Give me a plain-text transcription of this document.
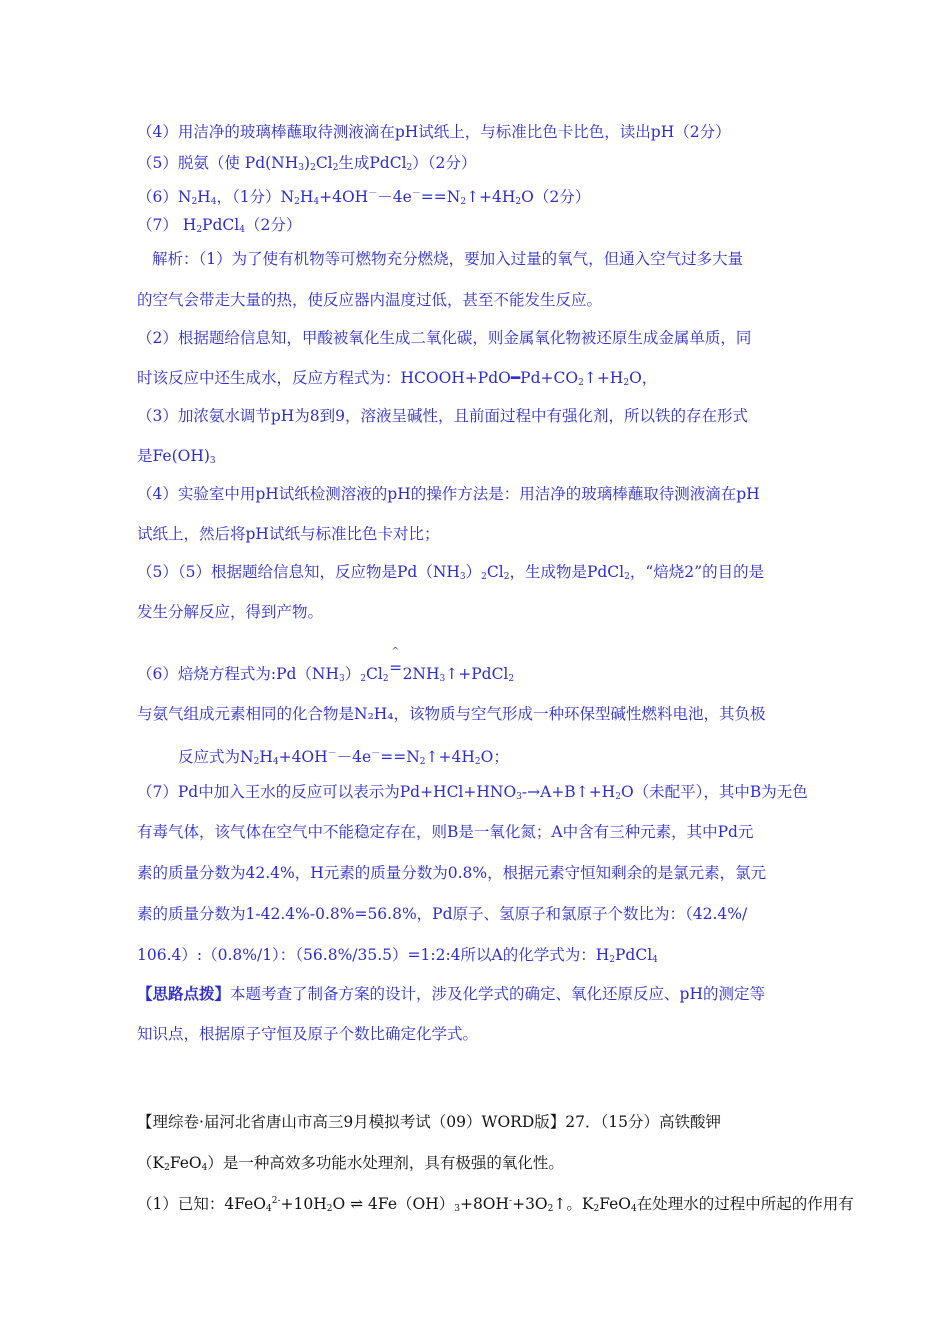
（4）用洁净的玻璃棒蘸取待测液滴在pH试纸上，与标准比色卡比色，读出pH（2分）
（5）脱氨（使 $Pd(NH_3)_2Cl_2$生成PdCl$_2$）（2分）
$(6)N_2H_4$，（1分）$N_2H_4+4OH^--4e^-==N_2↑+4H_2O(2$分）
（7） $H_2PdCl_4(2$分）
解析：（1）为了使有机物等可燃物充分燃烧，要加入过量的氧气，但通入空气过多大量
的空气会带走大量的热，使反应器内温度过低，甚至不能发生反应。
（2）根据题给信息知，甲酸被氧化生成二氧化碳，则金属氧化物被还原生成金属单质，同
时该反应中还生成水，反应方程式为：$HCOOH+PdO━Pd+CO_2↑+H_2O$，
（3）加浓氨水调节pH为8到9，溶液呈碱性，且前面过程中有强化剂，所以铁的存在形式
是$Fe(OH)_3$
（4）实验室中用pH试纸检测溶液的pH的操作方法是：用洁净的玻璃棒蘸取待测液滴在pH
试纸上，然后将pH试纸与标准比色卡对比；
（5）（5）根据题给信息知，反应物是$Pd(NH_3)_2Cl_2$，生成物是PdCl$_2$，“焙烧2”的目的是
发生分解反应，得到产物。
（6）焙烧方程式为$:Pd(NH_3)_2Cl_2$
^
$=2NH_3↑+PdCl_2$
与氨气组成元素相同的化合物是N₂H₄，该物质与空气形成一种环保型碱性燃料电池，其负极
反应式为$N_2H_4+4OH^--4e^-==N_2↑+4H_2O$；
（7）Pd中加入王水的反应可以表示为$Pd+HCl+HNO_3-\to A+B↑+H_2O$（未配平），其中B为无色
有毒气体，该气体在空气中不能稳定存在，则B是一氧化氮；A中含有三种元素，其中Pd元
素的质量分数为42.4%，H元素的质量分数为0.8%，根据元素守恒知剩余的是氯元素，氯元
素的质量分数为1-42.4%-0.8%=56.8%，Pd原子、氢原子和氯原子个数比为：（42.4%/
106.4）:（0.8%/1）：（56.8%/35.5）=1:2:4所以A的化学式为：$H_2PdCl_4$
【思路点拨】本题考查了制备方案的设计，涉及化学式的确定、氧化还原反应、pH的测定等
知识点，根据原子守恒及原子个数比确定化学式。
【理综卷·届河北省唐山市高三9月模拟考试（09）WORD版】27．（15分）高铁酸钾
$(K_2FeO_4)$是一种高效多功能水处理剂，具有极强的氧化性。
（1）已知：$4FeO_4^{2-}+10H_2O$ ⇌ $4Fe(OH)_3+8OH^-+3O_2↑$。$K_2FeO_4$在处理水的过程中所起的作用有
